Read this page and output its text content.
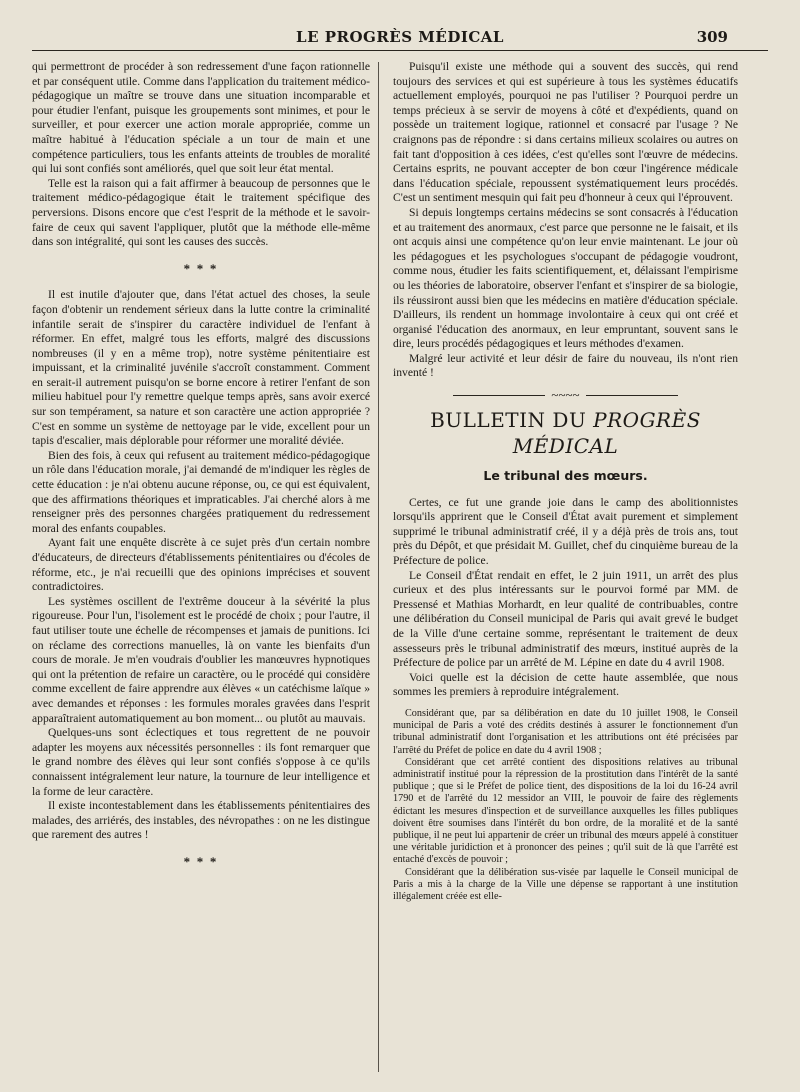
LE PROGRÈS MÉDICAL	309

qui permettront de procéder à son redressement d'une façon rationnelle et par conséquent utile. Comme dans l'application du traitement médico-pédagogique un maître se trouve dans une situation incomparable et pour étudier l'enfant, puisque les groupements sont minimes, et pour le surveiller, et pour exercer une action morale appropriée, comme un maître habitué à l'éducation spéciale a un tour de main et une compétence particuliers, tous les enfants atteints de troubles de moralité qui lui sont confiés sont améliorés, quel que soit leur état mental.

Telle est la raison qui a fait affirmer à beaucoup de personnes que le traitement médico-pédagogique était le traitement spécifique des perversions. Disons encore que c'est l'esprit de la méthode et le savoir-faire de ceux qui savent l'appliquer, plutôt que la méthode elle-même dans son intégralité, qui sont les causes des succès.

* * *

Il est inutile d'ajouter que, dans l'état actuel des choses, la seule façon d'obtenir un rendement sérieux dans la lutte contre la criminalité infantile serait de s'inspirer du caractère individuel de l'enfant à réformer. En effet, malgré tous les efforts, malgré des discussions nombreuses (il y en a même trop), notre système pénitentiaire est impuissant, et la criminalité juvénile s'accroît constamment. Comment en serait-il autrement puisqu'on se borne encore à retirer l'enfant de son milieu habituel pour l'y remettre quelque temps après, sans avoir exercé sur son tempérament, sa nature et son caractère une action appropriée ? C'est en somme un système de nettoyage par le vide, excellent pour un tapis d'escalier, mais déplorable pour réformer une moralité déviée.

Bien des fois, à ceux qui refusent au traitement médico-pédagogique un rôle dans l'éducation morale, j'ai demandé de m'indiquer les règles de cette éducation : je n'ai obtenu aucune réponse, ou, ce qui est équivalent, que des affirmations théoriques et impraticables. J'ai cherché alors à me renseigner près des personnes chargées pratiquement du redressement moral des enfants coupables.

Ayant fait une enquête discrète à ce sujet près d'un certain nombre d'éducateurs, de directeurs d'établissements pénitentiaires ou d'écoles de réforme, etc., je n'ai recueilli que des opinions imprécises et souvent contradictoires.

Les systèmes oscillent de l'extrême douceur à la sévérité la plus rigoureuse. Pour l'un, l'isolement est le procédé de choix ; pour l'autre, il faut utiliser toute une échelle de récompenses et jamais de punitions. Ici on réclame des corrections manuelles, là on vante les bienfaits d'un cours de morale. Je m'en voudrais d'oublier les manœuvres hypnotiques qui ont la prétention de refaire un caractère, ou le procédé qui considère comme excellent de faire apprendre aux élèves « un catéchisme laïque » avec demandes et réponses : les formules morales gravées dans l'esprit apparaîtraient automatiquement au bon moment... ou plutôt au mauvais.

Quelques-uns sont éclectiques et tous regrettent de ne pouvoir adapter les moyens aux nécessités personnelles : ils font remarquer que le grand nombre des élèves qui leur sont confiés s'oppose à ce qu'ils connaissent intégralement leur nature, la tournure de leur intelligence et la forme de leur caractère.

Il existe incontestablement dans les établissements pénitentiaires des malades, des arriérés, des instables, des névropathes : on ne les distingue que rarement des autres !

* * *

Puisqu'il existe une méthode qui a souvent des succès, qui rend toujours des services et qui est supérieure à tous les systèmes éducatifs actuellement employés, pourquoi ne pas l'utiliser ? Pourquoi perdre un temps précieux à se servir de moyens à côté et d'expédients, quand on possède un traitement logique, rationnel et consacré par l'usage ? Ne craignons pas de répondre : si dans certains milieux scolaires ou autres on fait tant d'opposition à ces idées, c'est qu'elles sont l'œuvre de médecins. Certains esprits, ne pouvant accepter de bon cœur l'ingérence médicale dans l'éducation spéciale, repoussent systématiquement leurs procédés. C'est un sentiment mesquin qui fait peu d'honneur à ceux qui l'éprouvent.

Si depuis longtemps certains médecins se sont consacrés à l'éducation et au traitement des anormaux, c'est parce que personne ne le faisait, et ils ont acquis ainsi une compétence qu'on leur envie maintenant. Le jour où les pédagogues et les psychologues s'occupant de pédagogie voudront, comme nous, étudier les faits scientifiquement, et, délaissant l'empirisme ou les théories de laboratoire, observer l'enfant et s'inspirer de sa biologie, ils réussiront aussi bien que les médecins en matière d'éducation spéciale. D'ailleurs, ils rendent un hommage involontaire à ceux qui ont créé et organisé l'éducation des anormaux, en leur empruntant, souvent sans le dire, leurs procédés pédagogiques et leurs méthodes d'examen.

Malgré leur activité et leur désir de faire du nouveau, ils n'ont rien inventé !

~~~~
BULLETIN DU PROGRÈS MÉDICAL
Le tribunal des mœurs.

Certes, ce fut une grande joie dans le camp des abolitionnistes lorsqu'ils apprirent que le Conseil d'État avait purement et simplement supprimé le tribunal administratif créé, il y a déjà près de trois ans, tout près du Dépôt, et que présidait M. Guillet, chef du cinquième bureau de la Préfecture de police.

Le Conseil d'État rendait en effet, le 2 juin 1911, un arrêt des plus curieux et des plus intéressants sur le pourvoi formé par MM. de Pressensé et Mathias Morhardt, en leur qualité de contribuables, contre une délibération du Conseil municipal de Paris qui avait grevé le budget de la Ville d'une certaine somme, représentant le traitement de deux assesseurs près le tribunal administratif des mœurs, institué auprès de la Préfecture de police par un arrêté de M. Lépine en date du 4 avril 1908.

Voici quelle est la décision de cette haute assemblée, que nous sommes les premiers à reproduire intégralement.

Considérant que, par sa délibération en date du 10 juillet 1908, le Conseil municipal de Paris a voté des crédits destinés à assurer le fonctionnement d'un tribunal administratif dont l'organisation et les attributions ont été précisées par l'arrêté du Préfet de police en date du 4 avril 1908 ;

Considérant que cet arrêté contient des dispositions relatives au tribunal administratif institué pour la répression de la prostitution dans l'intérêt de la santé publique ; que si le Préfet de police tient, des dispositions de la loi du 16-24 avril 1790 et de l'arrêté du 12 messidor an VIII, le pouvoir de faire des règlements édictant les mesures d'inspection et de surveillance auxquelles les filles publiques doivent être soumises dans l'intérêt du bon ordre, de la moralité et de la santé publique, il ne peut lui appartenir de créer un tribunal des mœurs appelé à constituer une véritable juridiction et à prononcer des peines ; qu'il suit de là que l'arrêté est entaché d'excès de pouvoir ;

Considérant que la délibération sus-visée par laquelle le Conseil municipal de Paris a mis à la charge de la Ville une dépense se rapportant à une institution illégalement créée est elle-
